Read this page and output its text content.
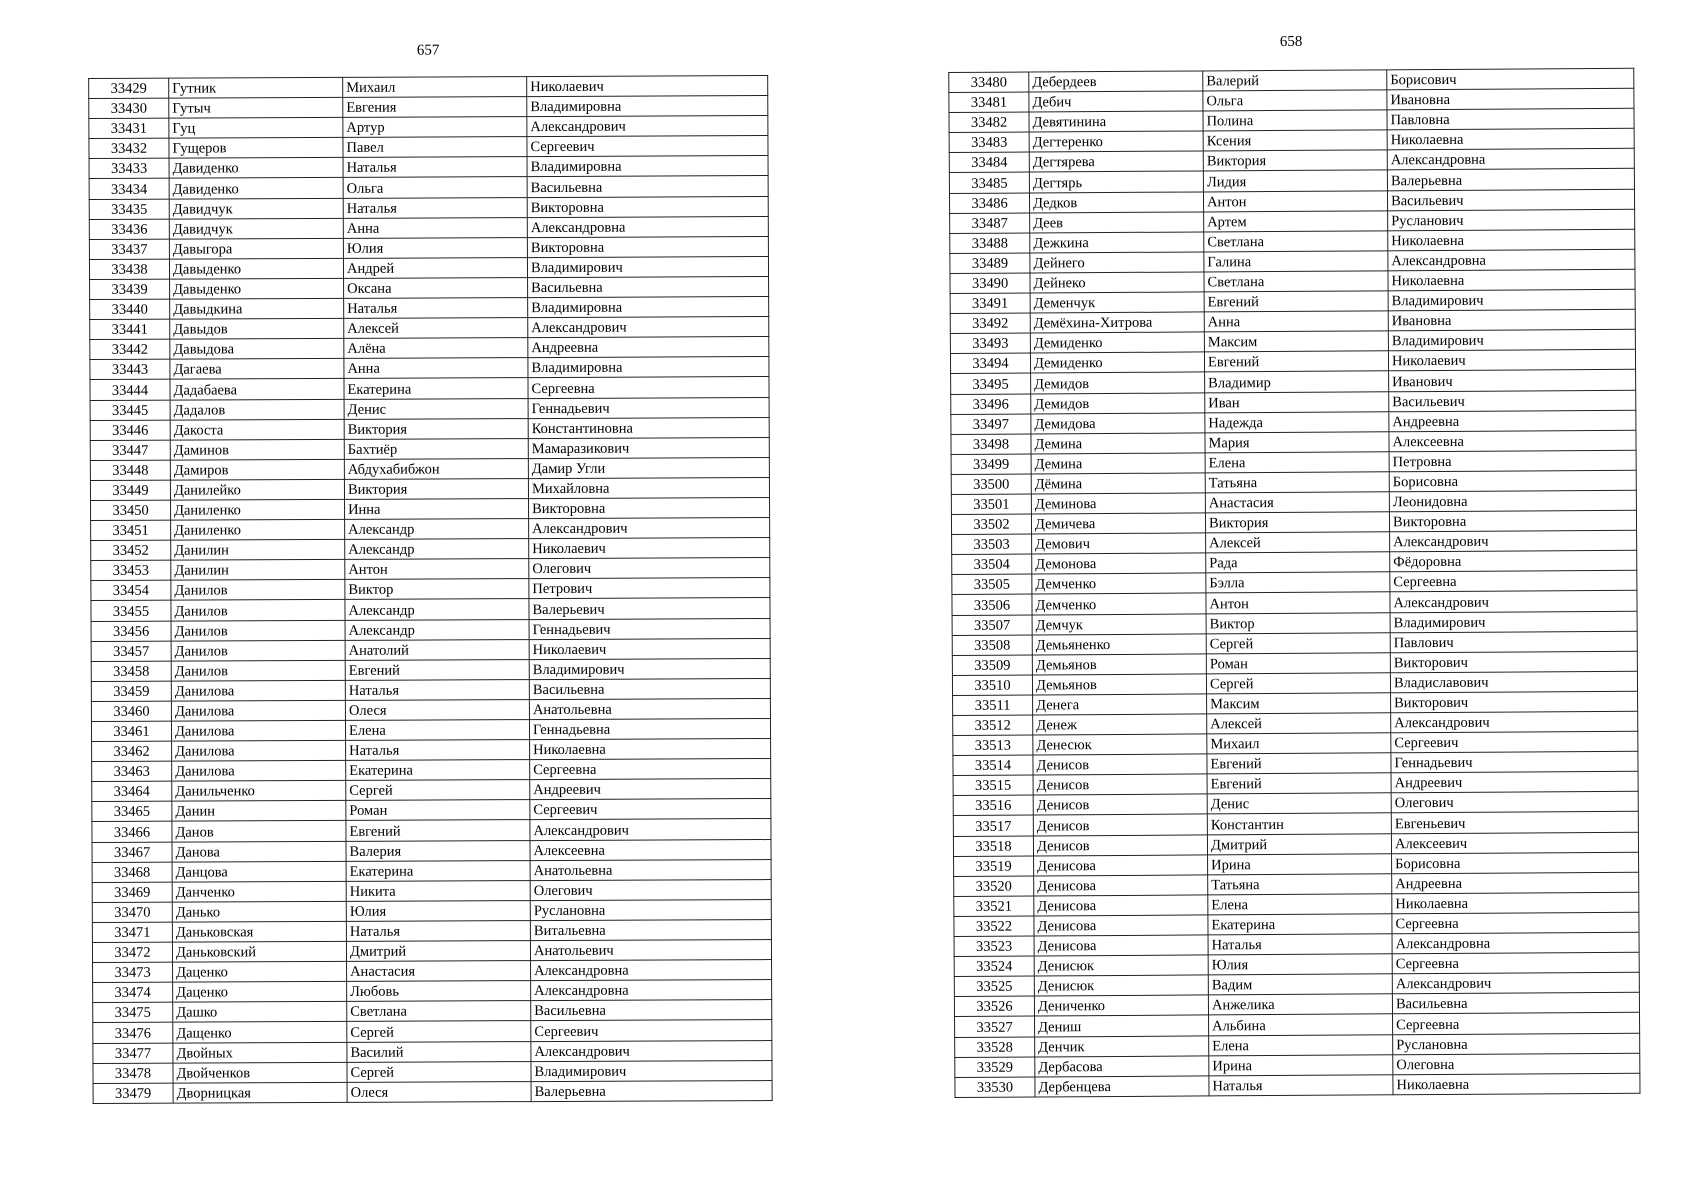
657
33429	Гутник	Михаил	Николаевич
33430	Гутыч	Евгения	Владимировна
33431	Гуц	Артур	Александрович
33432	Гущеров	Павел	Сергеевич
33433	Давиденко	Наталья	Владимировна
33434	Давиденко	Ольга	Васильевна
33435	Давидчук	Наталья	Викторовна
33436	Давидчук	Анна	Александровна
33437	Давыгора	Юлия	Викторовна
33438	Давыденко	Андрей	Владимирович
33439	Давыденко	Оксана	Васильевна
33440	Давыдкина	Наталья	Владимировна
33441	Давыдов	Алексей	Александрович
33442	Давыдова	Алёна	Андреевна
33443	Дагаева	Анна	Владимировна
33444	Дадабаева	Екатерина	Сергеевна
33445	Дадалов	Денис	Геннадьевич
33446	Дакоста	Виктория	Константиновна
33447	Даминов	Бахтиёр	Мамаразикович
33448	Дамиров	Абдухабибжон	Дамир Угли
33449	Данилейко	Виктория	Михайловна
33450	Даниленко	Инна	Викторовна
33451	Даниленко	Александр	Александрович
33452	Данилин	Александр	Николаевич
33453	Данилин	Антон	Олегович
33454	Данилов	Виктор	Петрович
33455	Данилов	Александр	Валерьевич
33456	Данилов	Александр	Геннадьевич
33457	Данилов	Анатолий	Николаевич
33458	Данилов	Евгений	Владимирович
33459	Данилова	Наталья	Васильевна
33460	Данилова	Олеся	Анатольевна
33461	Данилова	Елена	Геннадьевна
33462	Данилова	Наталья	Николаевна
33463	Данилова	Екатерина	Сергеевна
33464	Данильченко	Сергей	Андреевич
33465	Данин	Роман	Сергеевич
33466	Данов	Евгений	Александрович
33467	Данова	Валерия	Алексеевна
33468	Данцова	Екатерина	Анатольевна
33469	Данченко	Никита	Олегович
33470	Данько	Юлия	Руслановна
33471	Даньковская	Наталья	Витальевна
33472	Даньковский	Дмитрий	Анатольевич
33473	Даценко	Анастасия	Александровна
33474	Даценко	Любовь	Александровна
33475	Дашко	Светлана	Васильевна
33476	Дащенко	Сергей	Сергеевич
33477	Двойных	Василий	Александрович
33478	Двойченков	Сергей	Владимирович
33479	Дворницкая	Олеся	Валерьевна
658
33480	Дебердеев	Валерий	Борисович
33481	Дебич	Ольга	Ивановна
33482	Девятинина	Полина	Павловна
33483	Дегтеренко	Ксения	Николаевна
33484	Дегтярева	Виктория	Александровна
33485	Дегтярь	Лидия	Валерьевна
33486	Дедков	Антон	Васильевич
33487	Деев	Артем	Русланович
33488	Дежкина	Светлана	Николаевна
33489	Дейнего	Галина	Александровна
33490	Дейнеко	Светлана	Николаевна
33491	Деменчук	Евгений	Владимирович
33492	Демёхина-Хитрова	Анна	Ивановна
33493	Демиденко	Максим	Владимирович
33494	Демиденко	Евгений	Николаевич
33495	Демидов	Владимир	Иванович
33496	Демидов	Иван	Васильевич
33497	Демидова	Надежда	Андреевна
33498	Демина	Мария	Алексеевна
33499	Демина	Елена	Петровна
33500	Дёмина	Татьяна	Борисовна
33501	Деминова	Анастасия	Леонидовна
33502	Демичева	Виктория	Викторовна
33503	Демович	Алексей	Александрович
33504	Демонова	Рада	Фёдоровна
33505	Демченко	Бэлла	Сергеевна
33506	Демченко	Антон	Александрович
33507	Демчук	Виктор	Владимирович
33508	Демьяненко	Сергей	Павлович
33509	Демьянов	Роман	Викторович
33510	Демьянов	Сергей	Владиславович
33511	Денега	Максим	Викторович
33512	Денеж	Алексей	Александрович
33513	Денесюк	Михаил	Сергеевич
33514	Денисов	Евгений	Геннадьевич
33515	Денисов	Евгений	Андреевич
33516	Денисов	Денис	Олегович
33517	Денисов	Константин	Евгеньевич
33518	Денисов	Дмитрий	Алексеевич
33519	Денисова	Ирина	Борисовна
33520	Денисова	Татьяна	Андреевна
33521	Денисова	Елена	Николаевна
33522	Денисова	Екатерина	Сергеевна
33523	Денисова	Наталья	Александровна
33524	Денисюк	Юлия	Сергеевна
33525	Денисюк	Вадим	Александрович
33526	Дениченко	Анжелика	Васильевна
33527	Дениш	Альбина	Сергеевна
33528	Денчик	Елена	Руслановна
33529	Дербасова	Ирина	Олеговна
33530	Дербенцева	Наталья	Николаевна
